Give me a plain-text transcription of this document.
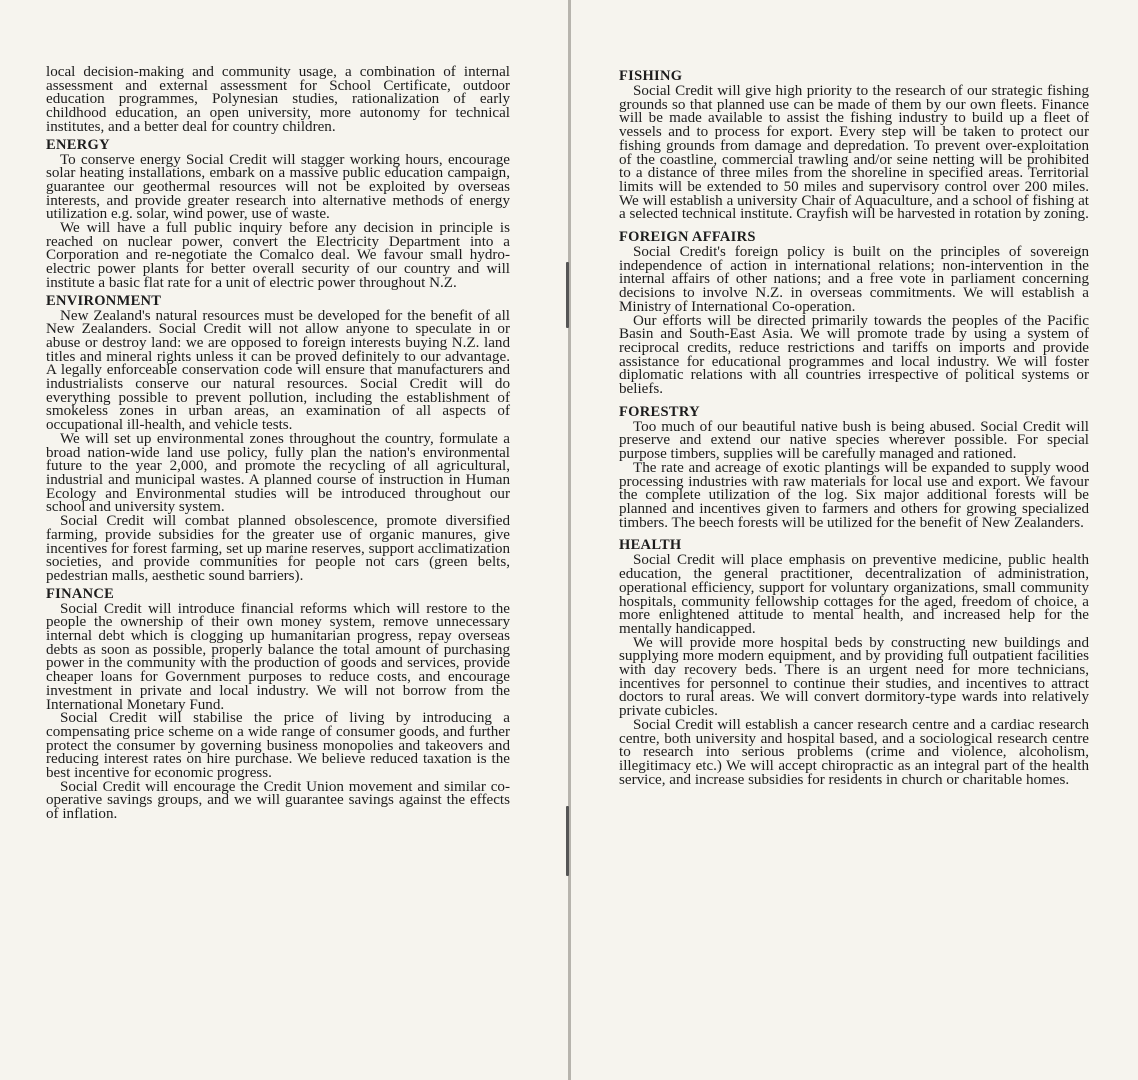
local decision-making and community usage, a combination of internal assessment and external assessment for School Certificate, outdoor education programmes, Polynesian studies, rationalization of early childhood education, an open university, more autonomy for technical institutes, and a better deal for country children.

ENERGY

To conserve energy Social Credit will stagger working hours, encourage solar heating installations, embark on a massive public education campaign, guarantee our geothermal resources will not be exploited by overseas interests, and provide greater research into alternative methods of energy utilization e.g. solar, wind power, use of waste.

We will have a full public inquiry before any decision in principle is reached on nuclear power, convert the Electricity Department into a Corporation and re-negotiate the Comalco deal. We favour small hydro-electric power plants for better overall security of our country and will institute a basic flat rate for a unit of electric power throughout N.Z.

ENVIRONMENT

New Zealand's natural resources must be developed for the benefit of all New Zealanders. Social Credit will not allow anyone to speculate in or abuse or destroy land: we are opposed to foreign interests buying N.Z. land titles and mineral rights unless it can be proved definitely to our advantage. A legally enforceable conservation code will ensure that manufacturers and industrialists conserve our natural resources. Social Credit will do everything possible to prevent pollution, including the establishment of smokeless zones in urban areas, an examination of all aspects of occupational ill-health, and vehicle tests.

We will set up environmental zones throughout the country, formulate a broad nation-wide land use policy, fully plan the nation's environmental future to the year 2,000, and promote the recycling of all agricultural, industrial and municipal wastes. A planned course of instruction in Human Ecology and Environmental studies will be introduced throughout our school and university system.

Social Credit will combat planned obsolescence, promote diversified farming, provide subsidies for the greater use of organic manures, give incentives for forest farming, set up marine reserves, support acclimatization societies, and provide communities for people not cars (green belts, pedestrian malls, aesthetic sound barriers).

FINANCE

Social Credit will introduce financial reforms which will restore to the people the ownership of their own money system, remove unnecessary internal debt which is clogging up humanitarian progress, repay overseas debts as soon as possible, properly balance the total amount of purchasing power in the community with the production of goods and services, provide cheaper loans for Government purposes to reduce costs, and encourage investment in private and local industry. We will not borrow from the International Monetary Fund.

Social Credit will stabilise the price of living by introducing a compensating price scheme on a wide range of consumer goods, and further protect the consumer by governing business monopolies and takeovers and reducing interest rates on hire purchase. We believe reduced taxation is the best incentive for economic progress.

Social Credit will encourage the Credit Union movement and similar co-operative savings groups, and we will guarantee savings against the effects of inflation.

FISHING

Social Credit will give high priority to the research of our strategic fishing grounds so that planned use can be made of them by our own fleets. Finance will be made available to assist the fishing industry to build up a fleet of vessels and to process for export. Every step will be taken to protect our fishing grounds from damage and depredation. To prevent over-exploitation of the coastline, commercial trawling and/or seine netting will be prohibited to a distance of three miles from the shoreline in specified areas. Territorial limits will be extended to 50 miles and supervisory control over 200 miles. We will establish a university Chair of Aquaculture, and a school of fishing at a selected technical institute. Crayfish will be harvested in rotation by zoning.

FOREIGN AFFAIRS

Social Credit's foreign policy is built on the principles of sovereign independence of action in international relations; non-intervention in the internal affairs of other nations; and a free vote in parliament concerning decisions to involve N.Z. in overseas commitments. We will establish a Ministry of International Co-operation.

Our efforts will be directed primarily towards the peoples of the Pacific Basin and South-East Asia. We will promote trade by using a system of reciprocal credits, reduce restrictions and tariffs on imports and provide assistance for educational programmes and local industry. We will foster diplomatic relations with all countries irrespective of political systems or beliefs.

FORESTRY

Too much of our beautiful native bush is being abused. Social Credit will preserve and extend our native species wherever possible. For special purpose timbers, supplies will be carefully managed and rationed.

The rate and acreage of exotic plantings will be expanded to supply wood processing industries with raw materials for local use and export. We favour the complete utilization of the log. Six major additional forests will be planned and incentives given to farmers and others for growing specialized timbers. The beech forests will be utilized for the benefit of New Zealanders.

HEALTH

Social Credit will place emphasis on preventive medicine, public health education, the general practitioner, decentralization of administration, operational efficiency, support for voluntary organizations, small community hospitals, community fellowship cottages for the aged, freedom of choice, a more enlightened attitude to mental health, and increased help for the mentally handicapped.

We will provide more hospital beds by constructing new buildings and supplying more modern equipment, and by providing full outpatient facilities with day recovery beds. There is an urgent need for more technicians, incentives for personnel to continue their studies, and incentives to attract doctors to rural areas. We will convert dormitory-type wards into relatively private cubicles.

Social Credit will establish a cancer research centre and a cardiac research centre, both university and hospital based, and a sociological research centre to research into serious problems (crime and violence, alcoholism, illegitimacy etc.) We will accept chiropractic as an integral part of the health service, and increase subsidies for residents in church or charitable homes.
